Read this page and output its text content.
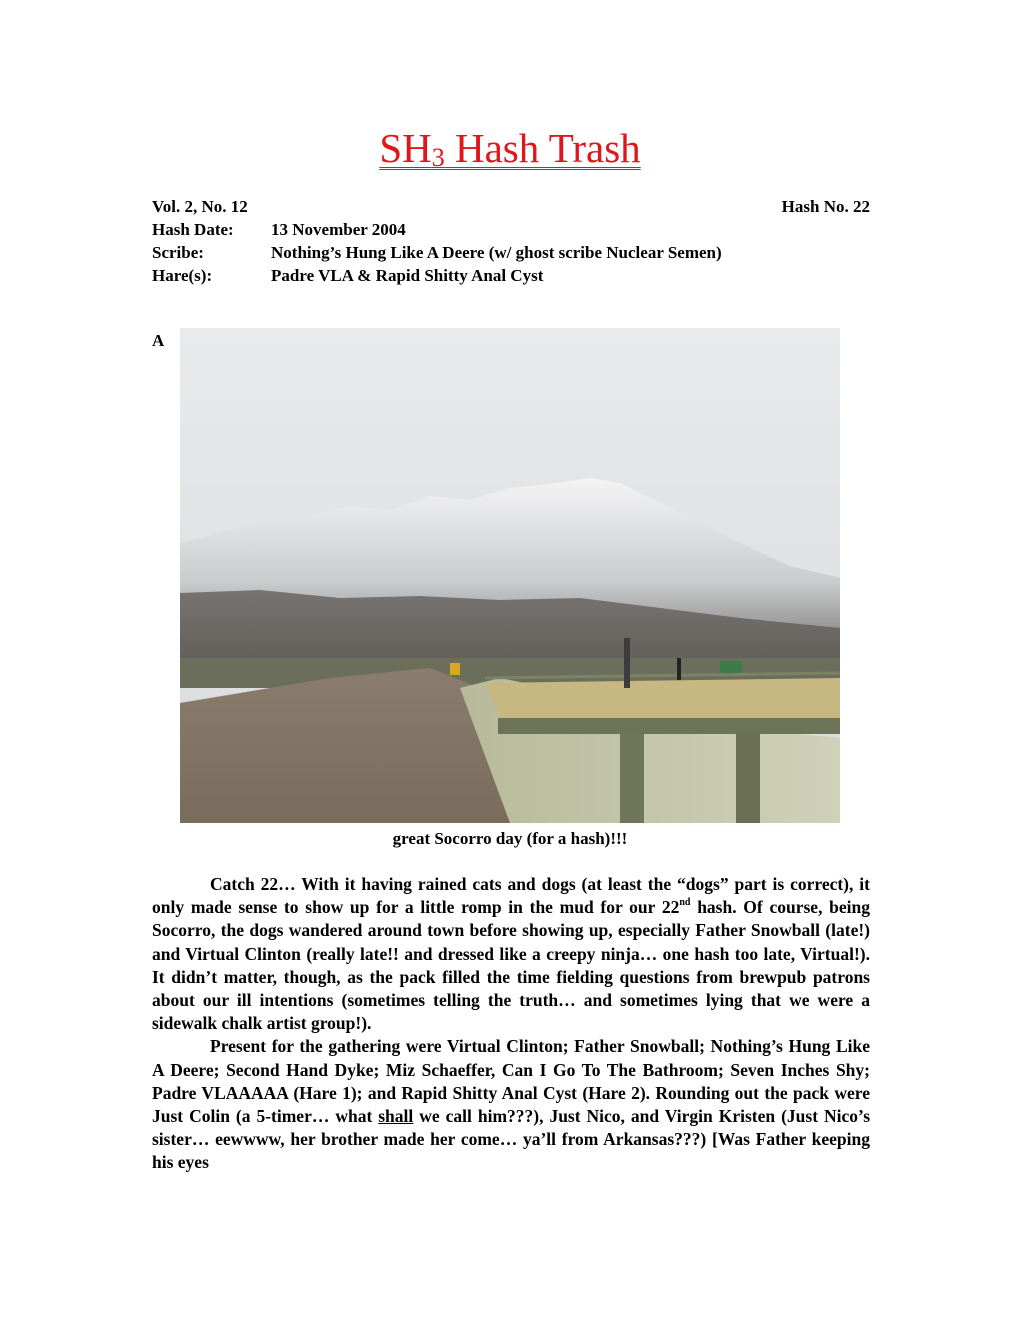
SH3 Hash Trash
Vol. 2, No. 12	Hash No. 22
Hash Date: 13 November 2004
Scribe:	Nothing’s Hung Like A Deere (w/ ghost scribe Nuclear Semen)
Hare(s):	Padre VLA & Rapid Shitty Anal Cyst
A
great Socorro day (for a hash)!!!

Catch 22… With it having rained cats and dogs (at least the “dogs” part is correct), it only made sense to show up for a little romp in the mud for our 22nd hash. Of course, being Socorro, the dogs wandered around town before showing up, especially Father Snowball (late!) and Virtual Clinton (really late!! and dressed like a creepy ninja… one hash too late, Virtual!). It didn’t matter, though, as the pack filled the time fielding questions from brewpub patrons about our ill intentions (sometimes telling the truth… and sometimes lying that we were a sidewalk chalk artist group!).

Present for the gathering were Virtual Clinton; Father Snowball; Nothing’s Hung Like A Deere; Second Hand Dyke; Miz Schaeffer, Can I Go To The Bathroom; Seven Inches Shy; Padre VLAAAAA (Hare 1); and Rapid Shitty Anal Cyst (Hare 2). Rounding out the pack were Just Colin (a 5-timer… what shall we call him???), Just Nico, and Virgin Kristen (Just Nico’s sister… eewwww, her brother made her come… ya’ll from Arkansas???) [Was Father keeping his eyes
